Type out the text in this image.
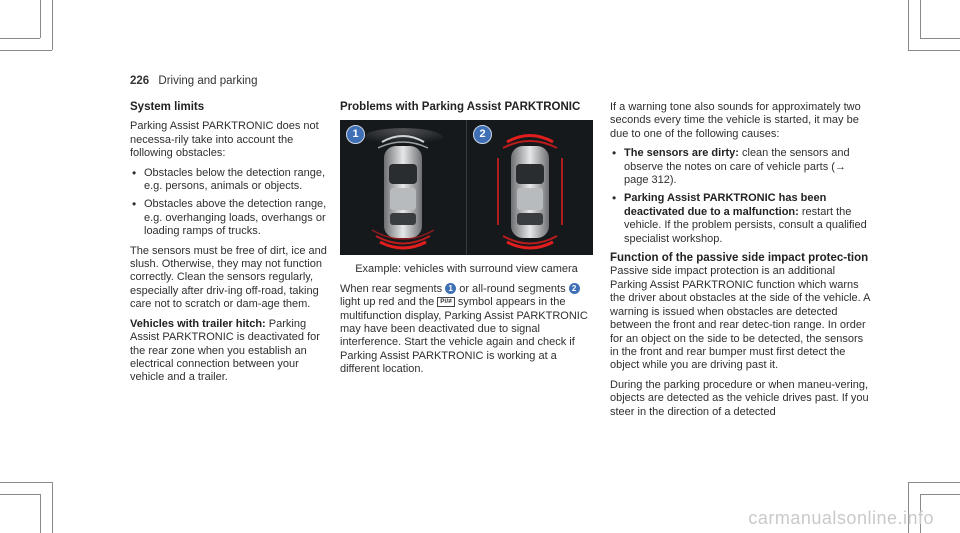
226 Driving and parking
System limits

Parking Assist PARKTRONIC does not necessa-rily take into account the following obstacles:

• Obstacles below the detection range, e.g. persons, animals or objects.
• Obstacles above the detection range, e.g. overhanging loads, overhangs or loading ramps of trucks.

The sensors must be free of dirt, ice and slush. Otherwise, they may not function correctly. Clean the sensors regularly, especially after driv-ing off-road, taking care not to scratch or dam-age them.

Vehicles with trailer hitch: Parking Assist PARKTRONIC is deactivated for the rear zone when you establish an electrical connection between your vehicle and a trailer.

Problems with Parking Assist PARKTRONIC
1	2

Example: vehicles with surround view camera

When rear segments 1 or all-round segments 2 light up red and the P//≠ symbol appears in the multifunction display, Parking Assist PARKTRONIC may have been deactivated due to signal interference. Start the vehicle again and check if Parking Assist PARKTRONIC is working at a different location.

If a warning tone also sounds for approximately two seconds every time the vehicle is started, it may be due to one of the following causes:

• The sensors are dirty: clean the sensors and observe the notes on care of vehicle parts (→ page 312).
• Parking Assist PARKTRONIC has been deactivated due to a malfunction: restart the vehicle. If the problem persists, consult a qualified specialist workshop.
Function of the passive side impact protec-tion

Passive side impact protection is an additional Parking Assist PARKTRONIC function which warns the driver about obstacles at the side of the vehicle. A warning is issued when obstacles are detected between the front and rear detec-tion range. In order for an object on the side to be detected, the sensors in the front and rear bumper must first detect the object while you are driving past it.

During the parking procedure or when maneu-vering, objects are detected as the vehicle drives past. If you steer in the direction of a detected

carmanualsonline.info
